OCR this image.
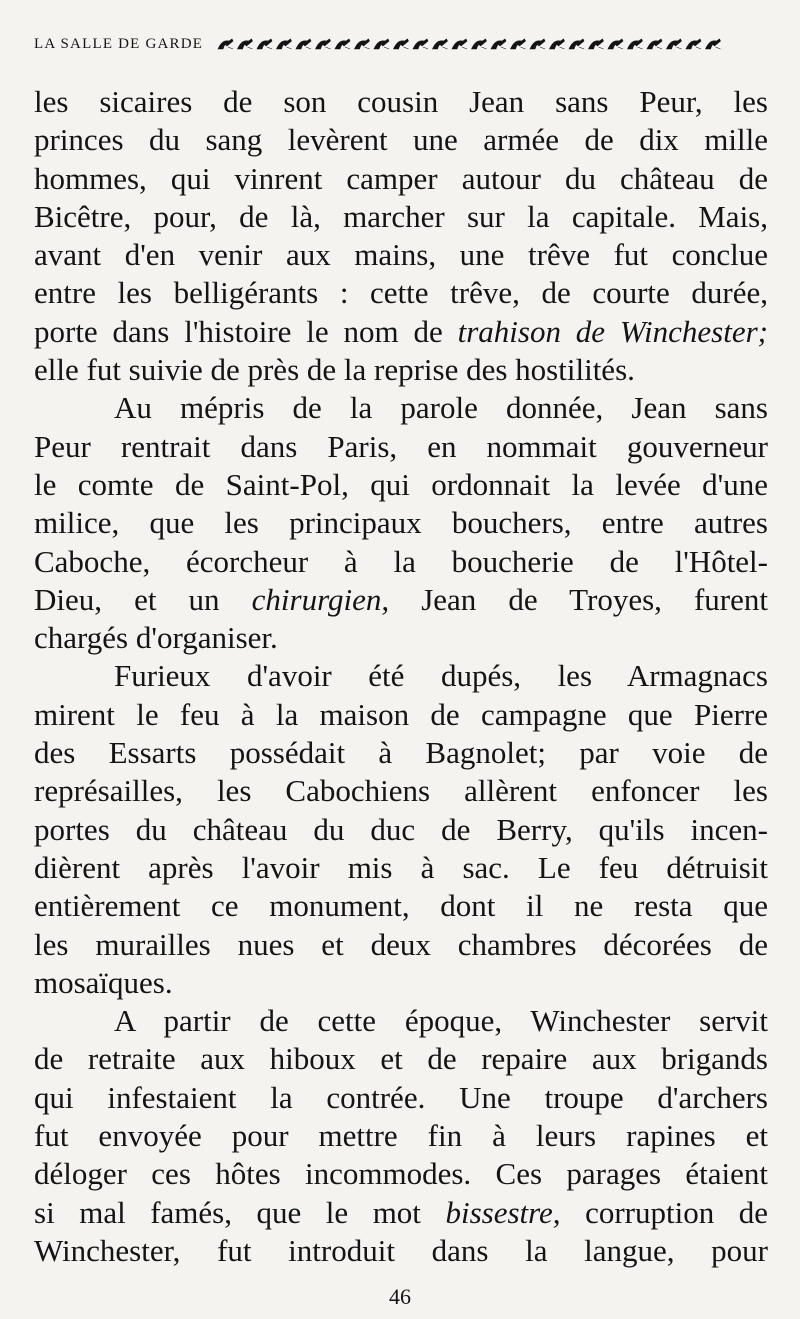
LA SALLE DE GARDE
les sicaires de son cousin Jean sans Peur, les
princes du sang levèrent une armée de dix mille
hommes, qui vinrent camper autour du château de
Bicêtre, pour, de là, marcher sur la capitale. Mais,
avant d'en venir aux mains, une trêve fut conclue
entre les belligérants : cette trêve, de courte durée,
porte dans l'histoire le nom de trahison de Winchester;
elle fut suivie de près de la reprise des hostilités.
Au mépris de la parole donnée, Jean sans
Peur rentrait dans Paris, en nommait gouverneur
le comte de Saint-Pol, qui ordonnait la levée d'une
milice, que les principaux bouchers, entre autres
Caboche, écorcheur à la boucherie de l'Hôtel-
Dieu, et un chirurgien, Jean de Troyes, furent
chargés d'organiser.
Furieux d'avoir été dupés, les Armagnacs
mirent le feu à la maison de campagne que Pierre
des Essarts possédait à Bagnolet; par voie de
représailles, les Cabochiens allèrent enfoncer les
portes du château du duc de Berry, qu'ils incen-
dièrent après l'avoir mis à sac. Le feu détruisit
entièrement ce monument, dont il ne resta que
les murailles nues et deux chambres décorées de
mosaïques.
A partir de cette époque, Winchester servit
de retraite aux hiboux et de repaire aux brigands
qui infestaient la contrée. Une troupe d'archers
fut envoyée pour mettre fin à leurs rapines et
déloger ces hôtes incommodes. Ces parages étaient
si mal famés, que le mot bissestre, corruption de
Winchester, fut introduit dans la langue, pour
46
